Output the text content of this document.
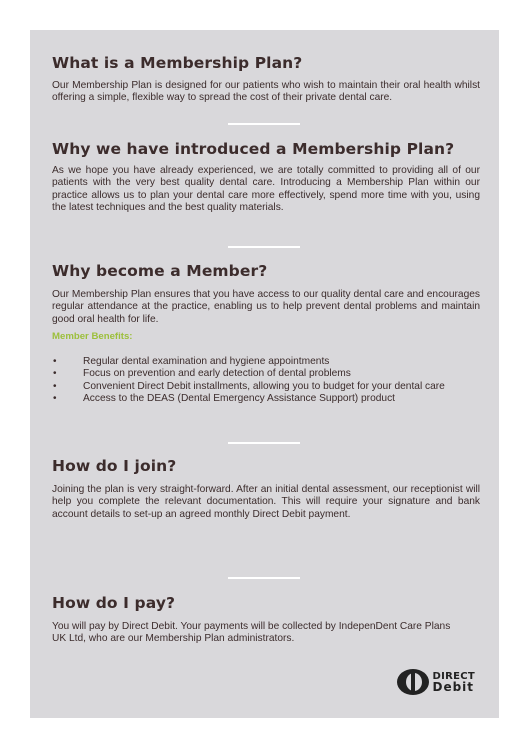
What is a Membership Plan?

Our Membership Plan is designed for our patients who wish to maintain their oral health whilst offering a simple, flexible way to spread the cost of their private dental care.

Why we have introduced a Membership Plan?

As we hope you have already experienced, we are totally committed to providing all of our patients with the very best quality dental care. Introducing a Membership Plan within our practice allows us to plan your dental care more effectively, spend more time with you, using the latest techniques and the best quality materials.

Why become a Member?

Our Membership Plan ensures that you have access to our quality dental care and encourages regular attendance at the practice, enabling us to help prevent dental problems and maintain good oral health for life.

Member Benefits:
•	Regular dental examination and hygiene appointments
•	Focus on prevention and early detection of dental problems
•	Convenient Direct Debit installments, allowing you to budget for your dental care
•	Access to the DEAS (Dental Emergency Assistance Support) product
How do I join?

Joining the plan is very straight-forward. After an initial dental assessment, our receptionist will help you complete the relevant documentation. This will require your signature and bank account details to set-up an agreed monthly Direct Debit payment.

How do I pay?

You will pay by Direct Debit. Your payments will be collected by IndepenDent Care Plans UK Ltd, who are our Membership Plan administrators.

DIRECT
Debit
